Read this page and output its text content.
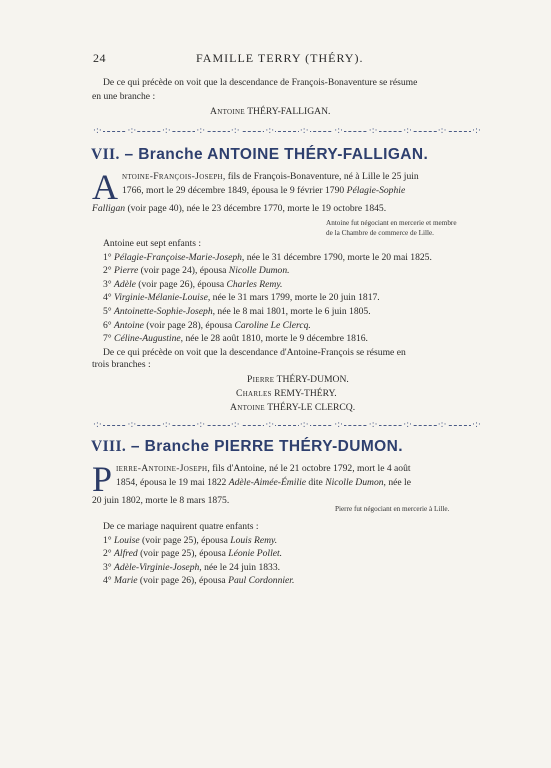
24	FAMILLE TERRY (THÉRY).
De ce qui précède on voit que la descendance de François-Bonaventure se résume
en une branche :
Antoine THÉRY-FALLIGAN.
·:·	·:·	·:·	·:·	·:·	·:·	·:·	·:·	·:·	·:·	·:·	·:·
VII. – Branche ANTOINE THÉRY-FALLIGAN.
A ntoine-François-Joseph, fils de François-Bonaventure, né à Lille le 25 juin
1766, mort le 29 décembre 1849, épousa le 9 février 1790 Pélagie-Sophie
Falligan (voir page 40), née le 23 décembre 1770, morte le 19 octobre 1845.
Antoine fut négociant en mercerie et membre
de la Chambre de commerce de Lille.
Antoine eut sept enfants :
1° Pélagie-Françoise-Marie-Joseph, née le 31 décembre 1790, morte le 20 mai 1825.
2° Pierre (voir page 24), épousa Nicolle Dumon.
3° Adèle (voir page 26), épousa Charles Remy.
4° Virginie-Mélanie-Louise, née le 31 mars 1799, morte le 20 juin 1817.
5° Antoinette-Sophie-Joseph, née le 8 mai 1801, morte le 6 juin 1805.
6° Antoine (voir page 28), épousa Caroline Le Clercq.
7° Céline-Augustine, née le 28 août 1810, morte le 9 décembre 1816.
De ce qui précède on voit que la descendance d'Antoine-François se résume en
trois branches :
Pierre THÉRY-DUMON.
Charles REMY-THÉRY.
Antoine THÉRY-LE CLERCQ.
·:·	·:·	·:·	·:·	·:·	·:·	·:·	·:·	·:·	·:·	·:·	·:·
VIII. – Branche PIERRE THÉRY-DUMON.
P ierre-Antoine-Joseph, fils d'Antoine, né le 21 octobre 1792, mort le 4 août
1854, épousa le 19 mai 1822 Adèle-Aimée-Émilie dite Nicolle Dumon, née le
20 juin 1802, morte le 8 mars 1875.
Pierre fut négociant en mercerie à Lille.
De ce mariage naquirent quatre enfants :
1° Louise (voir page 25), épousa Louis Remy.
2° Alfred (voir page 25), épousa Léonie Pollet.
3° Adèle-Virginie-Joseph, née le 24 juin 1833.
4° Marie (voir page 26), épousa Paul Cordonnier.
